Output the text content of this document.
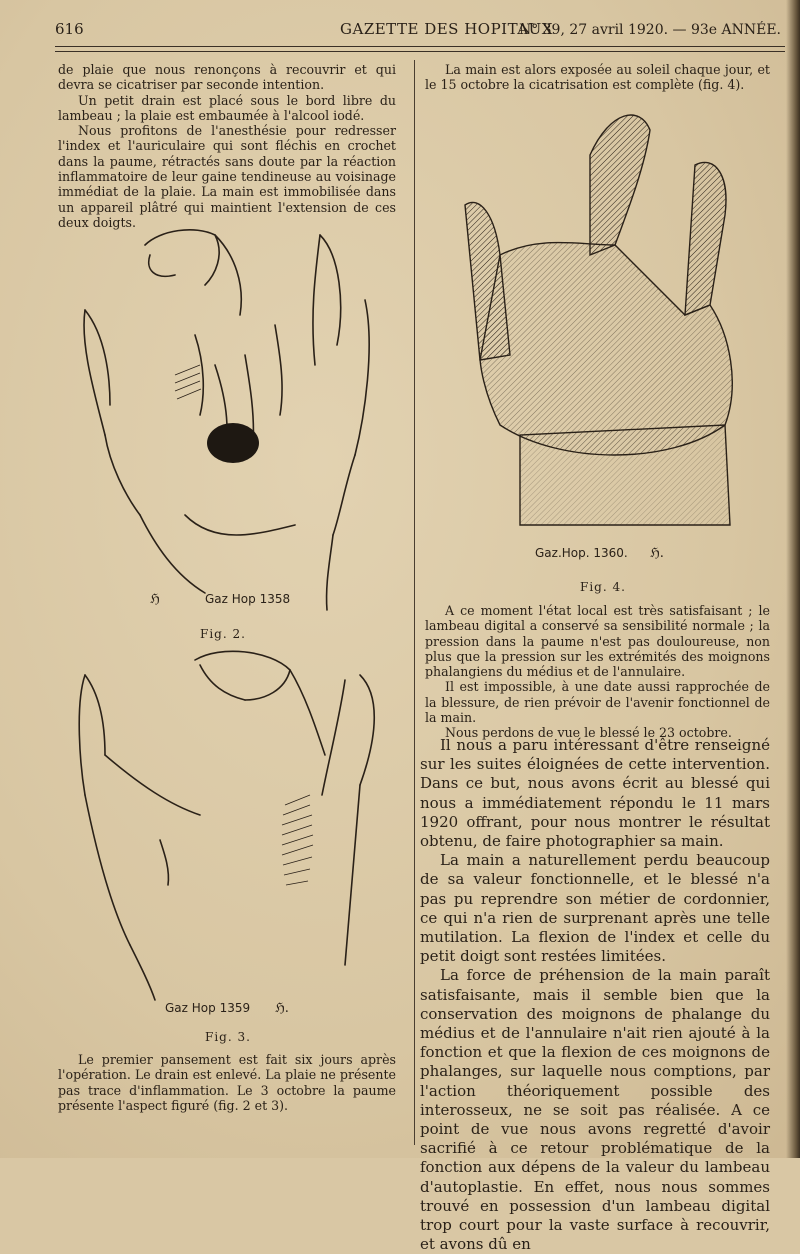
616	GAZETTE DES HOPITAUX
N° 39, 27 avril 1920. — 93e ANNÉE.

de plaie que nous renonçons à recouvrir et qui devra se cicatriser par seconde intention.

Un petit drain est placé sous le bord libre du lambeau ; la plaie est embaumée à l'alcool iodé.

Nous profitons de l'anesthésie pour redresser l'index et l'auriculaire qui sont fléchis en crochet dans la paume, rétractés sans doute par la réaction inflammatoire de leur gaine tendineuse au voisinage immédiat de la plaie. La main est immobilisée dans un appareil plâtré qui maintient l'extension de ces deux doigts.

Gaz Hop 1358
ℌ
Fig. 2.
Gaz Hop 1359 ℌ.
Fig. 3.

Le premier pansement est fait six jours après l'opération. Le drain est enlevé. La plaie ne présente pas trace d'inflammation. Le 3 octobre la paume présente l'aspect figuré (fig. 2 et 3).

La main est alors exposée au soleil chaque jour, et le 15 octobre la cicatrisation est complète (fig. 4).

Gaz.Hop. 1360. ℌ.
Fig. 4.

A ce moment l'état local est très satisfaisant ; le lambeau digital a conservé sa sensibilité normale ; la pression dans la paume n'est pas douloureuse, non plus que la pression sur les extrémités des moignons phalangiens du médius et de l'annulaire.

Il est impossible, à une date aussi rapprochée de la blessure, de rien prévoir de l'avenir fonctionnel de la main.

Nous perdons de vue le blessé le 23 octobre.

Il nous a paru intéressant d'être renseigné sur les suites éloignées de cette intervention. Dans ce but, nous avons écrit au blessé qui nous a immédiatement répondu le 11 mars 1920 offrant, pour nous montrer le résultat obtenu, de faire photographier sa main.

La main a naturellement perdu beaucoup de sa valeur fonctionnelle, et le blessé n'a pas pu reprendre son métier de cordonnier, ce qui n'a rien de surprenant après une telle mutilation. La flexion de l'index et celle du petit doigt sont restées limitées.

La force de préhension de la main paraît satisfaisante, mais il semble bien que la conservation des moignons de phalange du médius et de l'annulaire n'ait rien ajouté à la fonction et que la flexion de ces moignons de phalanges, sur laquelle nous comptions, par l'action théoriquement possible des interosseux, ne se soit pas réalisée. A ce point de vue nous avons regretté d'avoir sacrifié à ce retour problématique de la fonction aux dépens de la valeur du lambeau d'autoplastie. En effet, nous nous sommes trouvé en possession d'un lambeau digital trop court pour la vaste surface à recouvrir, et avons dû en
